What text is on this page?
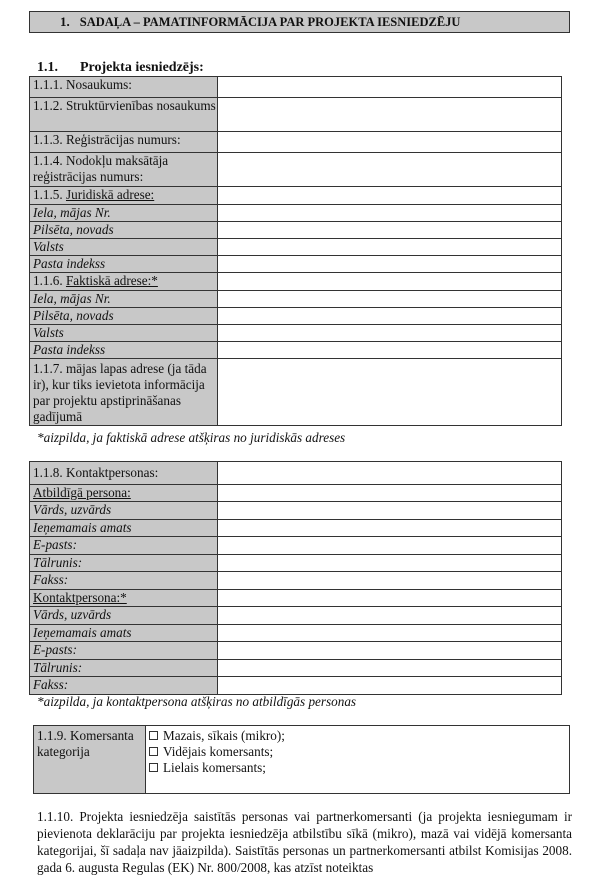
1. SADAĻA – PAMATINFORMĀCIJA PAR PROJEKTA IESNIEDZĒJU
1.1. Projekta iesniedzējs:
1.1.1. Nosaukums:	
1.1.2. Struktūrvienības nosaukums	
1.1.3. Reģistrācijas numurs:	
1.1.4. Nodokļu maksātāja reģistrācijas numurs:	
1.1.5. Juridiskā adrese:	
Iela, mājas Nr.	
Pilsēta, novads	
Valsts	
Pasta indekss	
1.1.6. Faktiskā adrese:*	
Iela, mājas Nr.	
Pilsēta, novads	
Valsts	
Pasta indekss	
1.1.7. mājas lapas adrese (ja tāda ir), kur tiks ievietota informācija par projektu apstiprināšanas gadījumā	
*aizpilda, ja faktiskā adrese atšķiras no juridiskās adreses
1.1.8. Kontaktpersonas:	
Atbildīgā persona:	
Vārds, uzvārds	
Ieņemamais amats	
E-pasts:	
Tālrunis:	
Fakss:	
Kontaktpersona:*	
Vārds, uzvārds	
Ieņemamais amats	
E-pasts:	
Tālrunis:	
Fakss:	
*aizpilda, ja kontaktpersona atšķiras no atbildīgās personas
1.1.9. Komersanta kategorija	
Mazais, sīkais (mikro);
Vidējais komersants;
Lielais komersants;
1.1.10. Projekta iesniedzēja saistītās personas vai partnerkomersanti (ja projekta iesniegumam ir pievienota deklarāciju par projekta iesniedzēja atbilstību sīkā (mikro), mazā vai vidējā komersanta kategorijai, šī sadaļa nav jāaizpilda). Saistītās personas un partnerkomersanti atbilst Komisijas 2008. gada 6. augusta Regulas (EK) Nr. 800/2008, kas atzīst noteiktas
